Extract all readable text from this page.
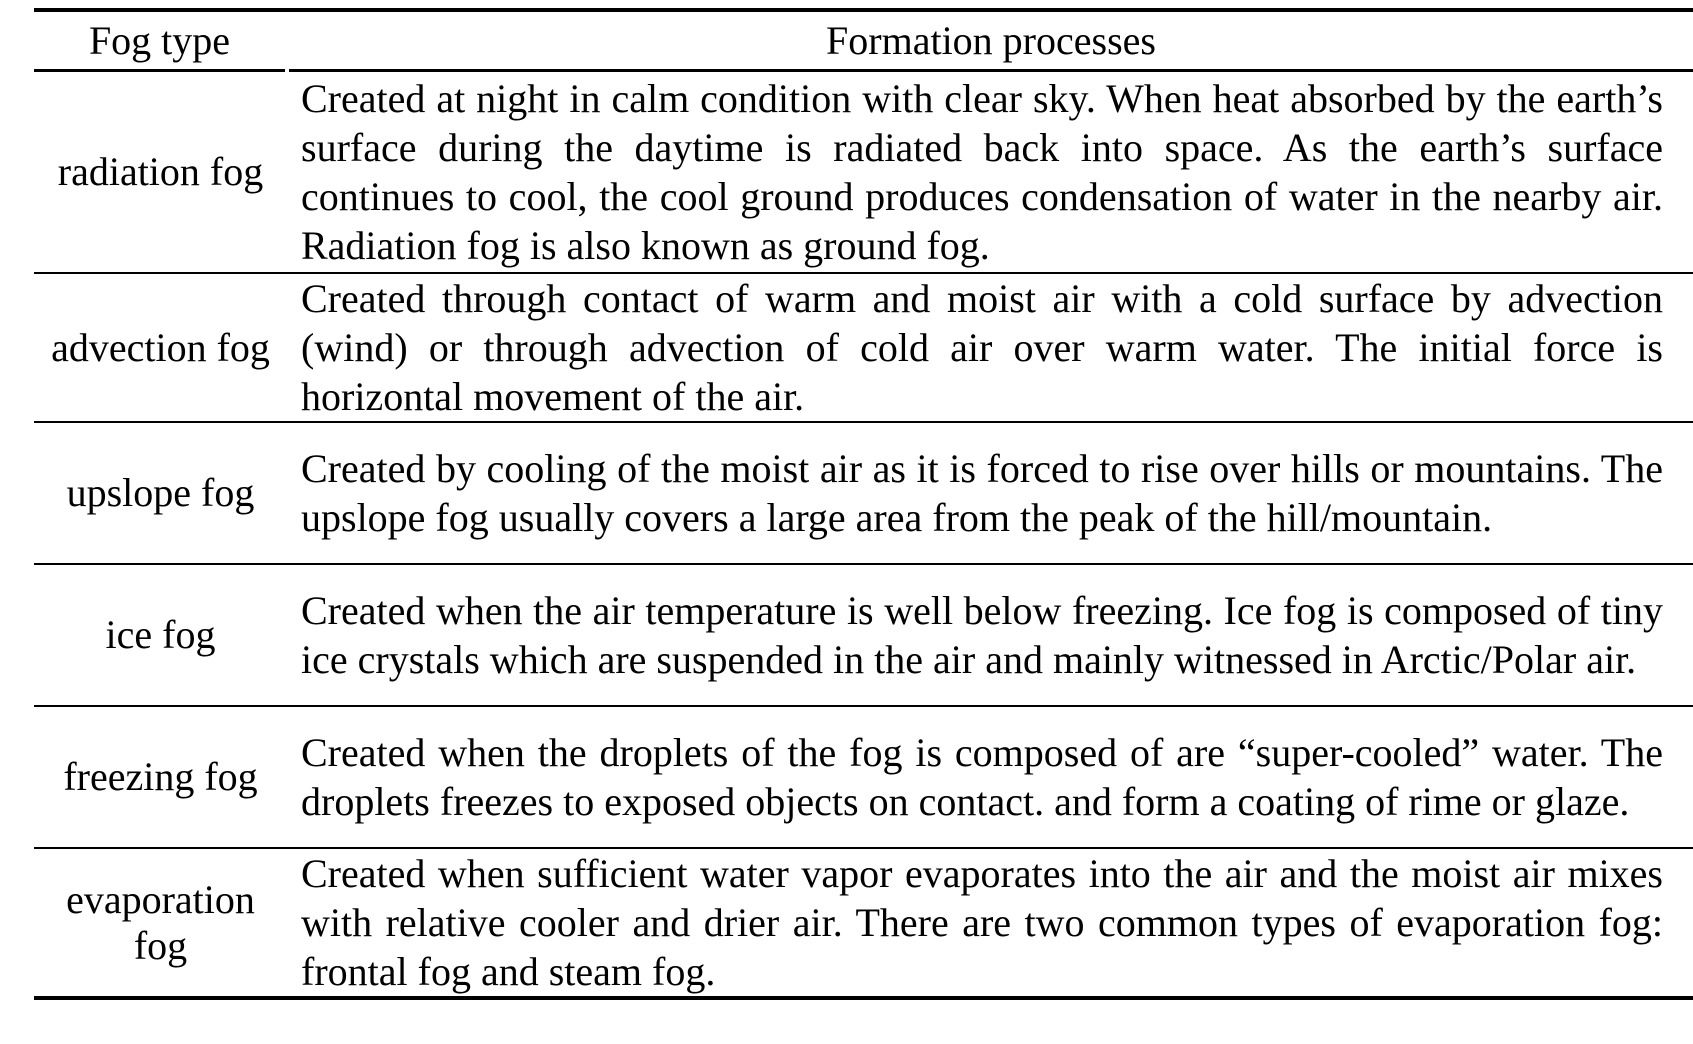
Fog type	Formation processes
radiation fog	Created at night in calm condition with clear sky. When heat absorbed by the earth’s surface during the daytime is radiated back into space. As the earth’s surface continues to cool, the cool ground produces condensation of water in the nearby air. Radiation fog is also known as ground fog.
advection fog	Created through contact of warm and moist air with a cold surface by advection (wind) or through advection of cold air over warm water. The initial force is horizontal movement of the air.
upslope fog	Created by cooling of the moist air as it is forced to rise over hills or mountains. The upslope fog usually covers a large area from the peak of the hill/mountain.
ice fog	Created when the air temperature is well below freezing. Ice fog is composed of tiny ice crystals which are suspended in the air and mainly witnessed in Arctic/Polar air.
freezing fog	Created when the droplets of the fog is composed of are “super-cooled” water. The droplets freezes to exposed objects on contact. and form a coating of rime or glaze.
evaporation fog	Created when sufficient water vapor evaporates into the air and the moist air mixes with relative cooler and drier air. There are two common types of evaporation fog: frontal fog and steam fog.
